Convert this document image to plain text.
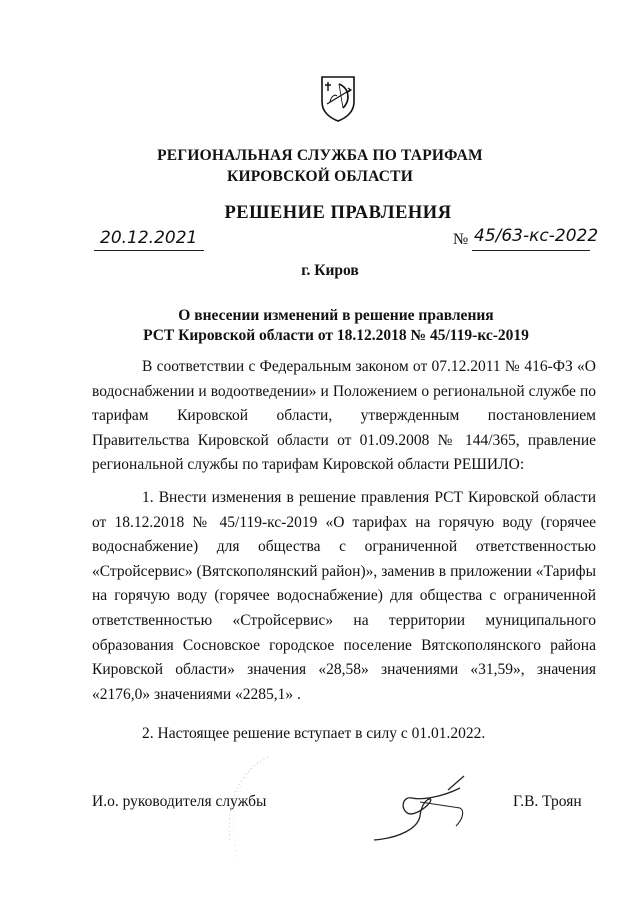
РЕГИОНАЛЬНАЯ СЛУЖБА ПО ТАРИФАМ
КИРОВСКОЙ ОБЛАСТИ
РЕШЕНИЕ ПРАВЛЕНИЯ
20.12.2021	№ 45/63-кс-2022
г. Киров
О внесении изменений в решение правления
РСТ Кировской области от 18.12.2018 № 45/119-кс-2019
В соответствии с Федеральным законом от 07.12.2011 № 416-ФЗ «О водоснабжении и водоотведении» и Положением о региональной службе по тарифам Кировской области, утвержденным постановлением Правительства Кировской области от 01.09.2008 № 144/365, правление региональной службы по тарифам Кировской области РЕШИЛО:
1. Внести изменения в решение правления РСТ Кировской области от 18.12.2018 № 45/119-кс-2019 «О тарифах на горячую воду (горячее водоснабжение) для общества с ограниченной ответственностью «Стройсервис» (Вятскополянский район)», заменив в приложении «Тарифы на горячую воду (горячее водоснабжение) для общества с ограниченной ответственностью «Стройсервис» на территории муниципального образования Сосновское городское поселение Вятскополянского района Кировской области» значения «28,58» значениями «31,59», значения «2176,0» значениями «2285,1» .
2. Настоящее решение вступает в силу с 01.01.2022.
И.о. руководителя службы	Г.В. Троян
